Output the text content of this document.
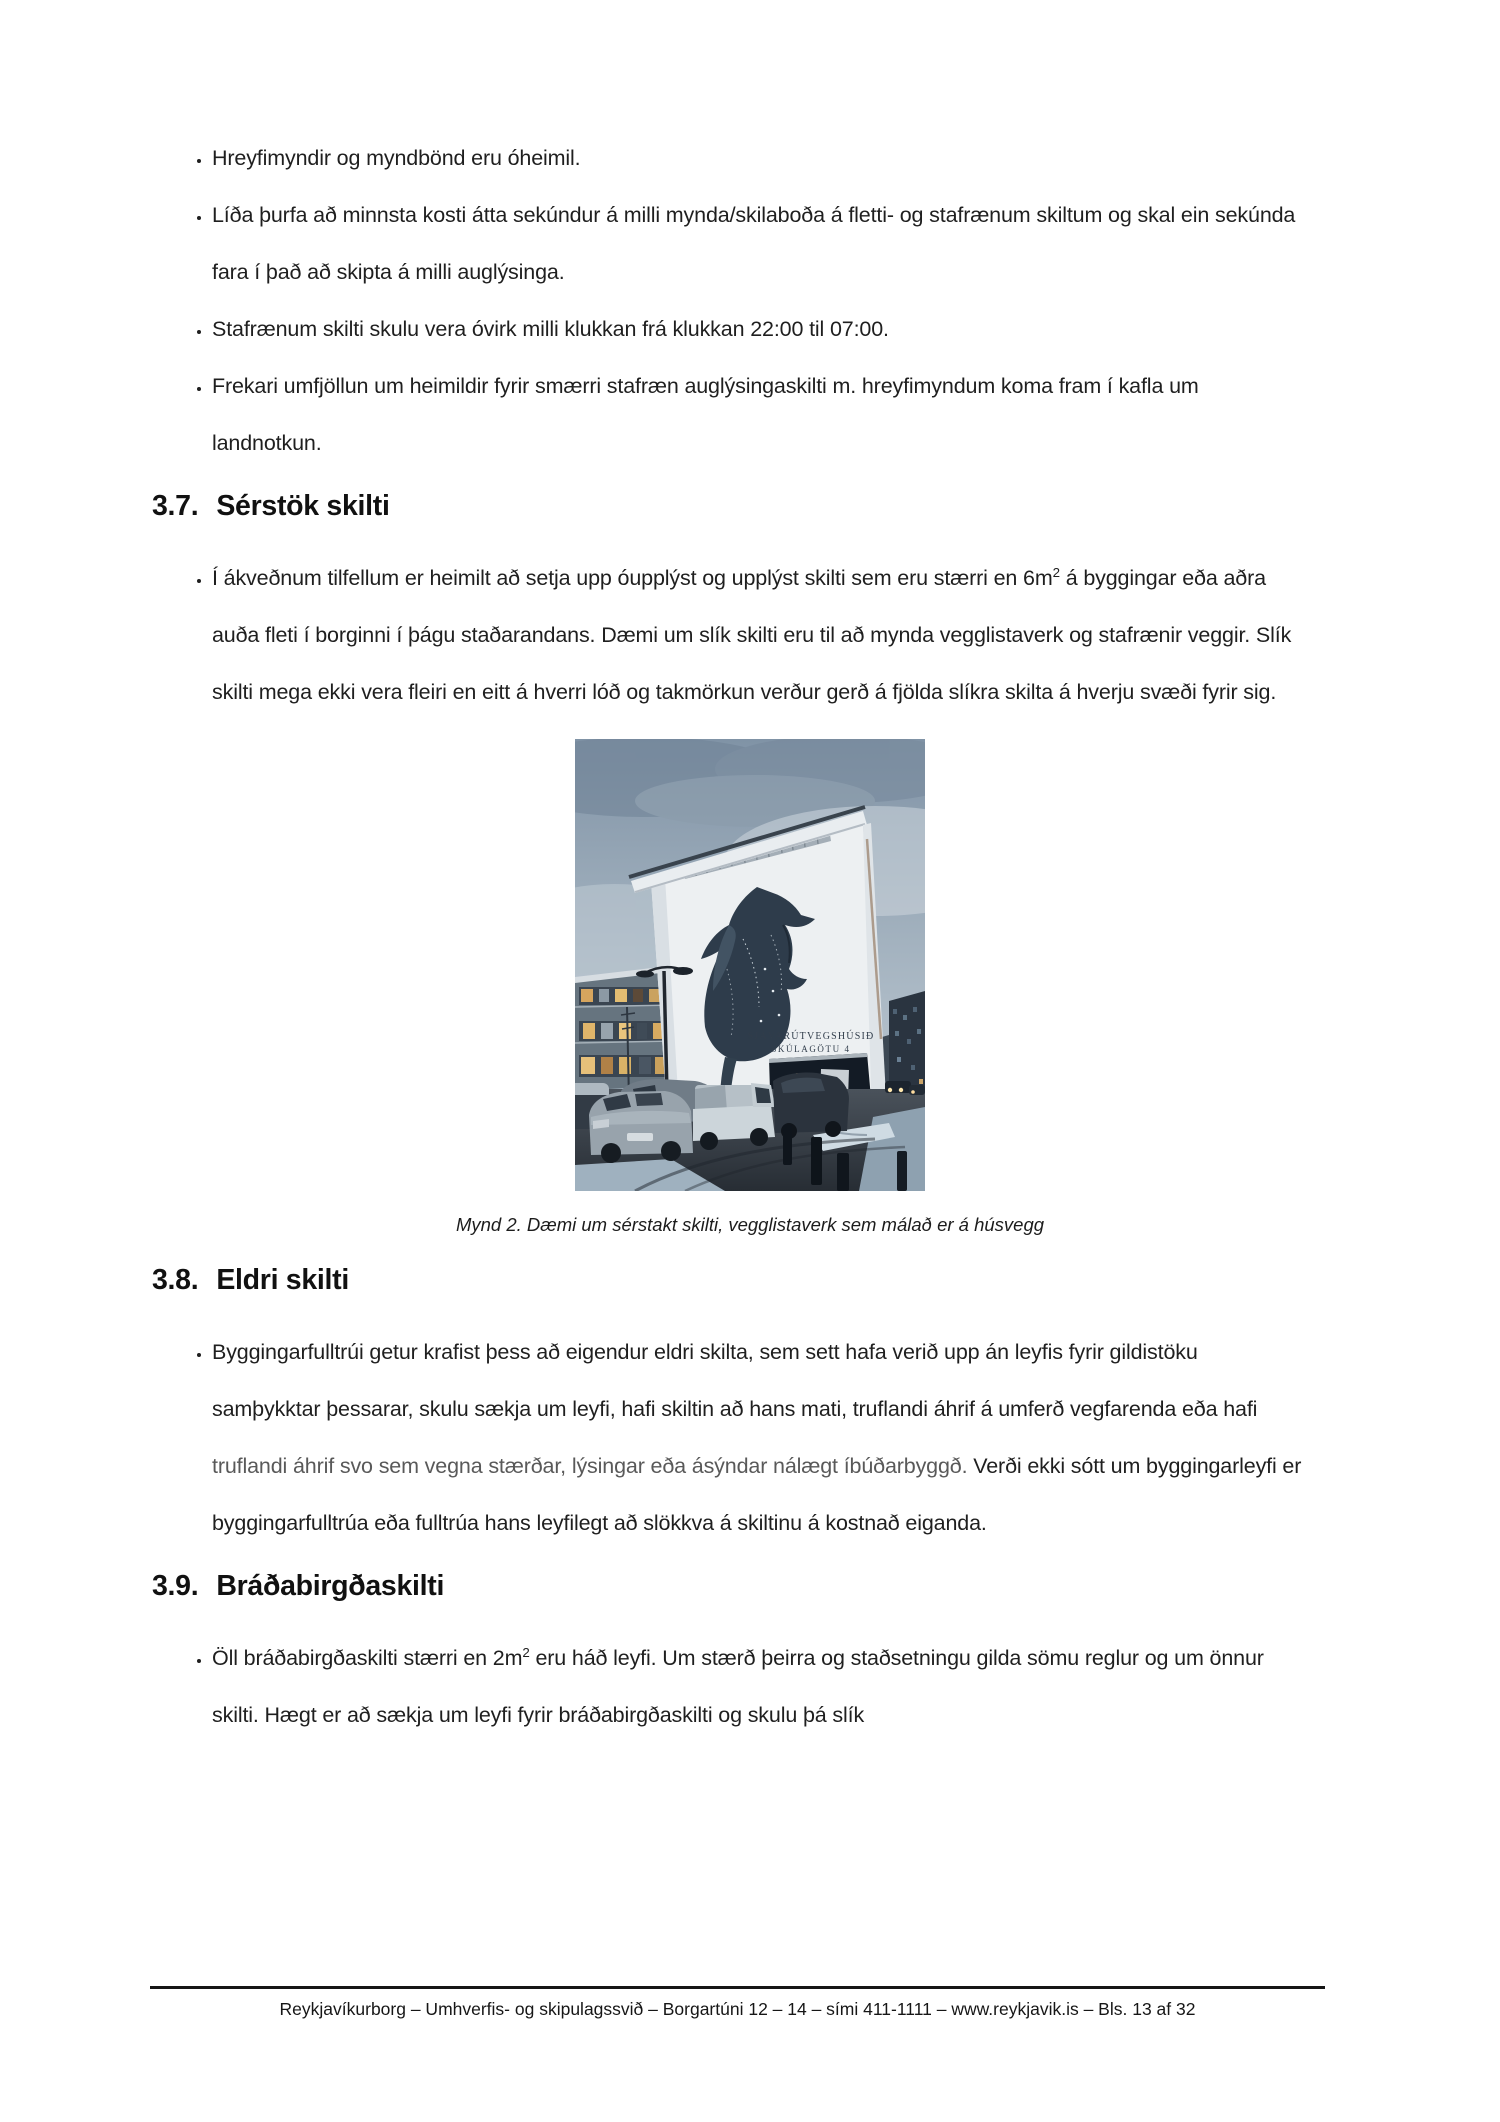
• Hreyfimyndir og myndbönd eru óheimil.
• Líða þurfa að minnsta kosti átta sekúndur á milli mynda/skilaboða á fletti- og stafrænum skiltum og skal ein sekúnda fara í það að skipta á milli auglýsinga.
• Stafrænum skilti skulu vera óvirk milli klukkan frá klukkan 22:00 til 07:00.
• Frekari umfjöllun um heimildir fyrir smærri stafræn auglýsingaskilti m. hreyfimyndum koma fram í kafla um landnotkun.
3.7. Sérstök skilti
• Í ákveðnum tilfellum er heimilt að setja upp óupplýst og upplýst skilti sem eru stærri en $6m^2$ á byggingar eða aðra auða fleti í borginni í þágu staðarandans. Dæmi um slík skilti eru til að mynda vegglistaverk og stafrænir veggir. Slík skilti mega ekki vera fleiri en eitt á hverri lóð og takmörkun verður gerð á fjölda slíkra skilta á hverju svæði fyrir sig.
SJÁVARÚTVEGSHÚSIÐ
SKÚLAGÖTU 4
Mynd 2. Dæmi um sérstakt skilti, vegglistaverk sem málað er á húsvegg
3.8. Eldri skilti
• Byggingarfulltrúi getur krafist þess að eigendur eldri skilta, sem sett hafa verið upp án leyfis fyrir gildistöku samþykktar þessarar, skulu sækja um leyfi, hafi skiltin að hans mati, truflandi áhrif á umferð vegfarenda eða hafi truflandi áhrif svo sem vegna stærðar, lýsingar eða ásýndar nálægt íbúðarbyggð. Verði ekki sótt um byggingarleyfi er byggingarfulltrúa eða fulltrúa hans leyfilegt að slökkva á skiltinu á kostnað eiganda.
3.9. Bráðabirgðaskilti
• Öll bráðabirgðaskilti stærri en $2m^2$ eru háð leyfi. Um stærð þeirra og staðsetningu gilda sömu reglur og um önnur skilti. Hægt er að sækja um leyfi fyrir bráðabirgðaskilti og skulu þá slík
Reykjavíkurborg – Umhverfis- og skipulagssvið – Borgartúni 12 – 14 – sími 411-1111 – www.reykjavik.is – Bls. 13 af 32
